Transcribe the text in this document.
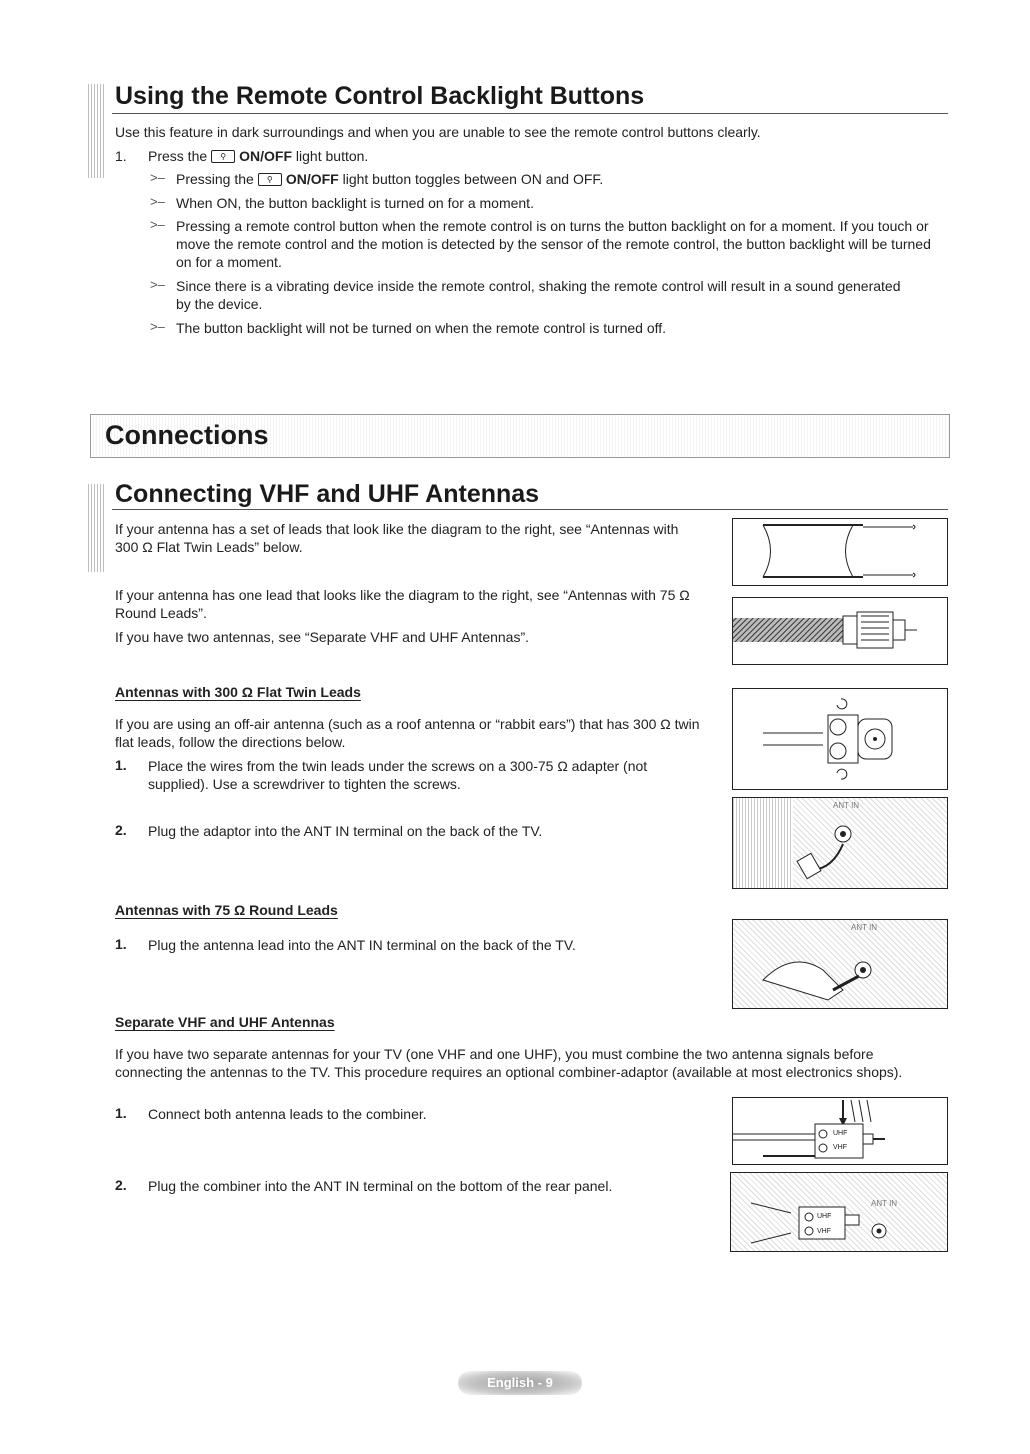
Using the Remote Control Backlight Buttons
Use this feature in dark surroundings and when you are unable to see the remote control buttons clearly.
1. Press the ⚲ ON/OFF light button.
>– Pressing the ⚲ ON/OFF light button toggles between ON and OFF.
>– When ON, the button backlight is turned on for a moment.
>– Pressing a remote control button when the remote control is on turns the button backlight on for a moment. If you touch or move the remote control and the motion is detected by the sensor of the remote control, the button backlight will be turned on for a moment.
>– Since there is a vibrating device inside the remote control, shaking the remote control will result in a sound generated by the device.
>– The button backlight will not be turned on when the remote control is turned off.
Connections
Connecting VHF and UHF Antennas
If your antenna has a set of leads that look like the diagram to the right, see “Antennas with 300 Ω Flat Twin Leads” below.
If your antenna has one lead that looks like the diagram to the right, see “Antennas with 75 Ω Round Leads”.
If you have two antennas, see “Separate VHF and UHF Antennas”.
Antennas with 300 Ω Flat Twin Leads
If you are using an off-air antenna (such as a roof antenna or “rabbit ears”) that has 300 Ω twin flat leads, follow the directions below.
1. Place the wires from the twin leads under the screws on a 300-75 Ω adapter (not supplied). Use a screwdriver to tighten the screws.
2. Plug the adaptor into the ANT IN terminal on the back of the TV.
ANT IN
Antennas with 75 Ω Round Leads
1. Plug the antenna lead into the ANT IN terminal on the back of the TV.
ANT IN
Separate VHF and UHF Antennas
If you have two separate antennas for your TV (one VHF and one UHF), you must combine the two antenna signals before connecting the antennas to the TV. This procedure requires an optional combiner-adaptor (available at most electronics shops).
1. Connect both antenna leads to the combiner.
2. Plug the combiner into the ANT IN terminal on the bottom of the rear panel.
UHF
VHF
ANT IN
UHF
VHF
English - 9
